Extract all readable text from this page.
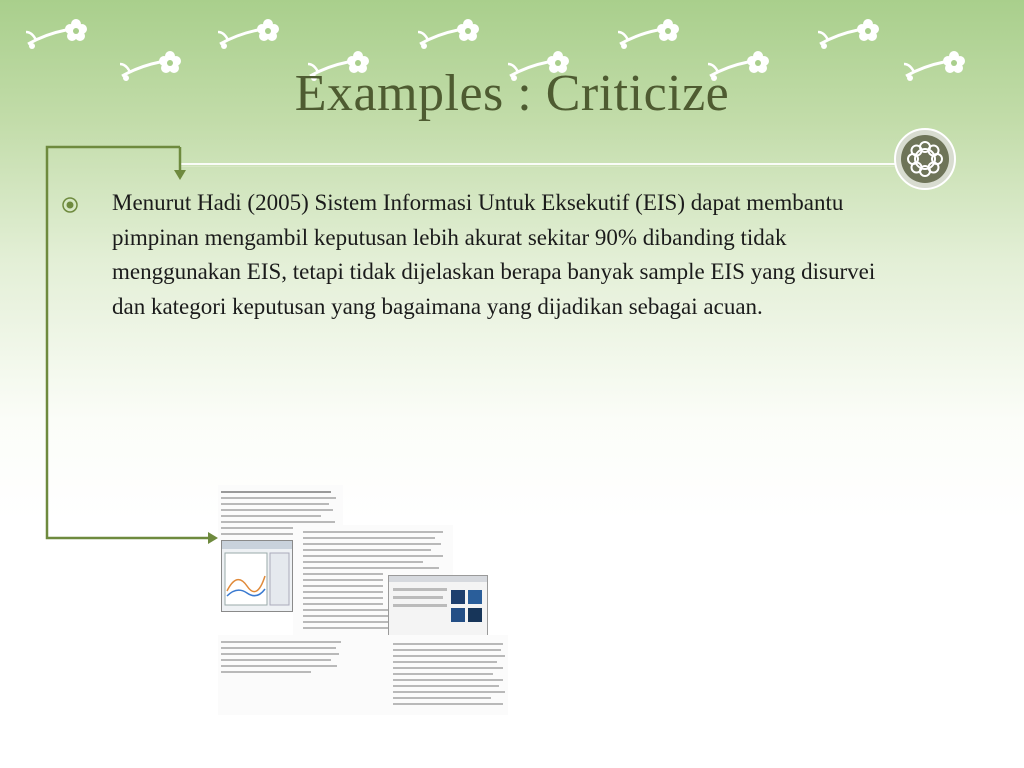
Examples : Criticize
Menurut Hadi (2005) Sistem Informasi Untuk Eksekutif (EIS) dapat membantu pimpinan mengambil keputusan lebih akurat sekitar 90% dibanding tidak menggunakan EIS, tetapi tidak dijelaskan berapa banyak sample EIS yang disurvei dan kategori keputusan yang bagaimana yang dijadikan sebagai acuan.
